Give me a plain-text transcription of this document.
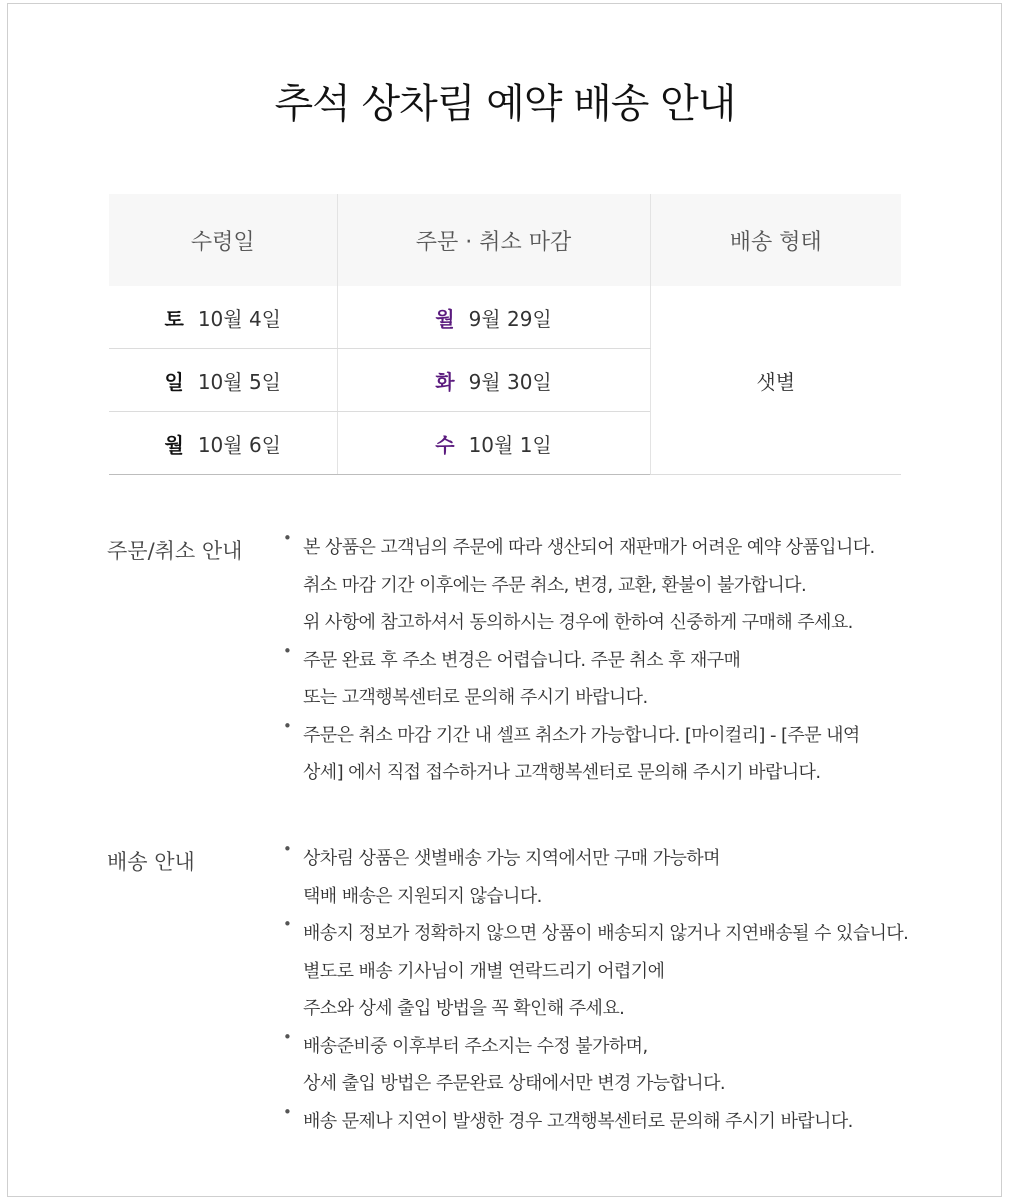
추석 상차림 예약 배송 안내
수령일	주문 · 취소 마감	배송 형태
토 10월 4일	월 9월 29일	샛별
일 10월 5일	화 9월 30일	
월 10월 6일	수 10월 1일	
주문/취소 안내	• 본 상품은 고객님의 주문에 따라 생산되어 재판매가 어려운 예약 상품입니다.
취소 마감 기간 이후에는 주문 취소, 변경, 교환, 환불이 불가합니다.
위 사항에 참고하셔서 동의하시는 경우에 한하여 신중하게 구매해 주세요.
• 주문 완료 후 주소 변경은 어렵습니다. 주문 취소 후 재구매
또는 고객행복센터로 문의해 주시기 바랍니다.
• 주문은 취소 마감 기간 내 셀프 취소가 가능합니다. [마이컬리] - [주문 내역
상세] 에서 직접 접수하거나 고객행복센터로 문의해 주시기 바랍니다.
배송 안내	• 상차림 상품은 샛별배송 가능 지역에서만 구매 가능하며
택배 배송은 지원되지 않습니다.
• 배송지 정보가 정확하지 않으면 상품이 배송되지 않거나 지연배송될 수 있습니다.
별도로 배송 기사님이 개별 연락드리기 어렵기에
주소와 상세 출입 방법을 꼭 확인해 주세요.
• 배송준비중 이후부터 주소지는 수정 불가하며,
상세 출입 방법은 주문완료 상태에서만 변경 가능합니다.
• 배송 문제나 지연이 발생한 경우 고객행복센터로 문의해 주시기 바랍니다.
